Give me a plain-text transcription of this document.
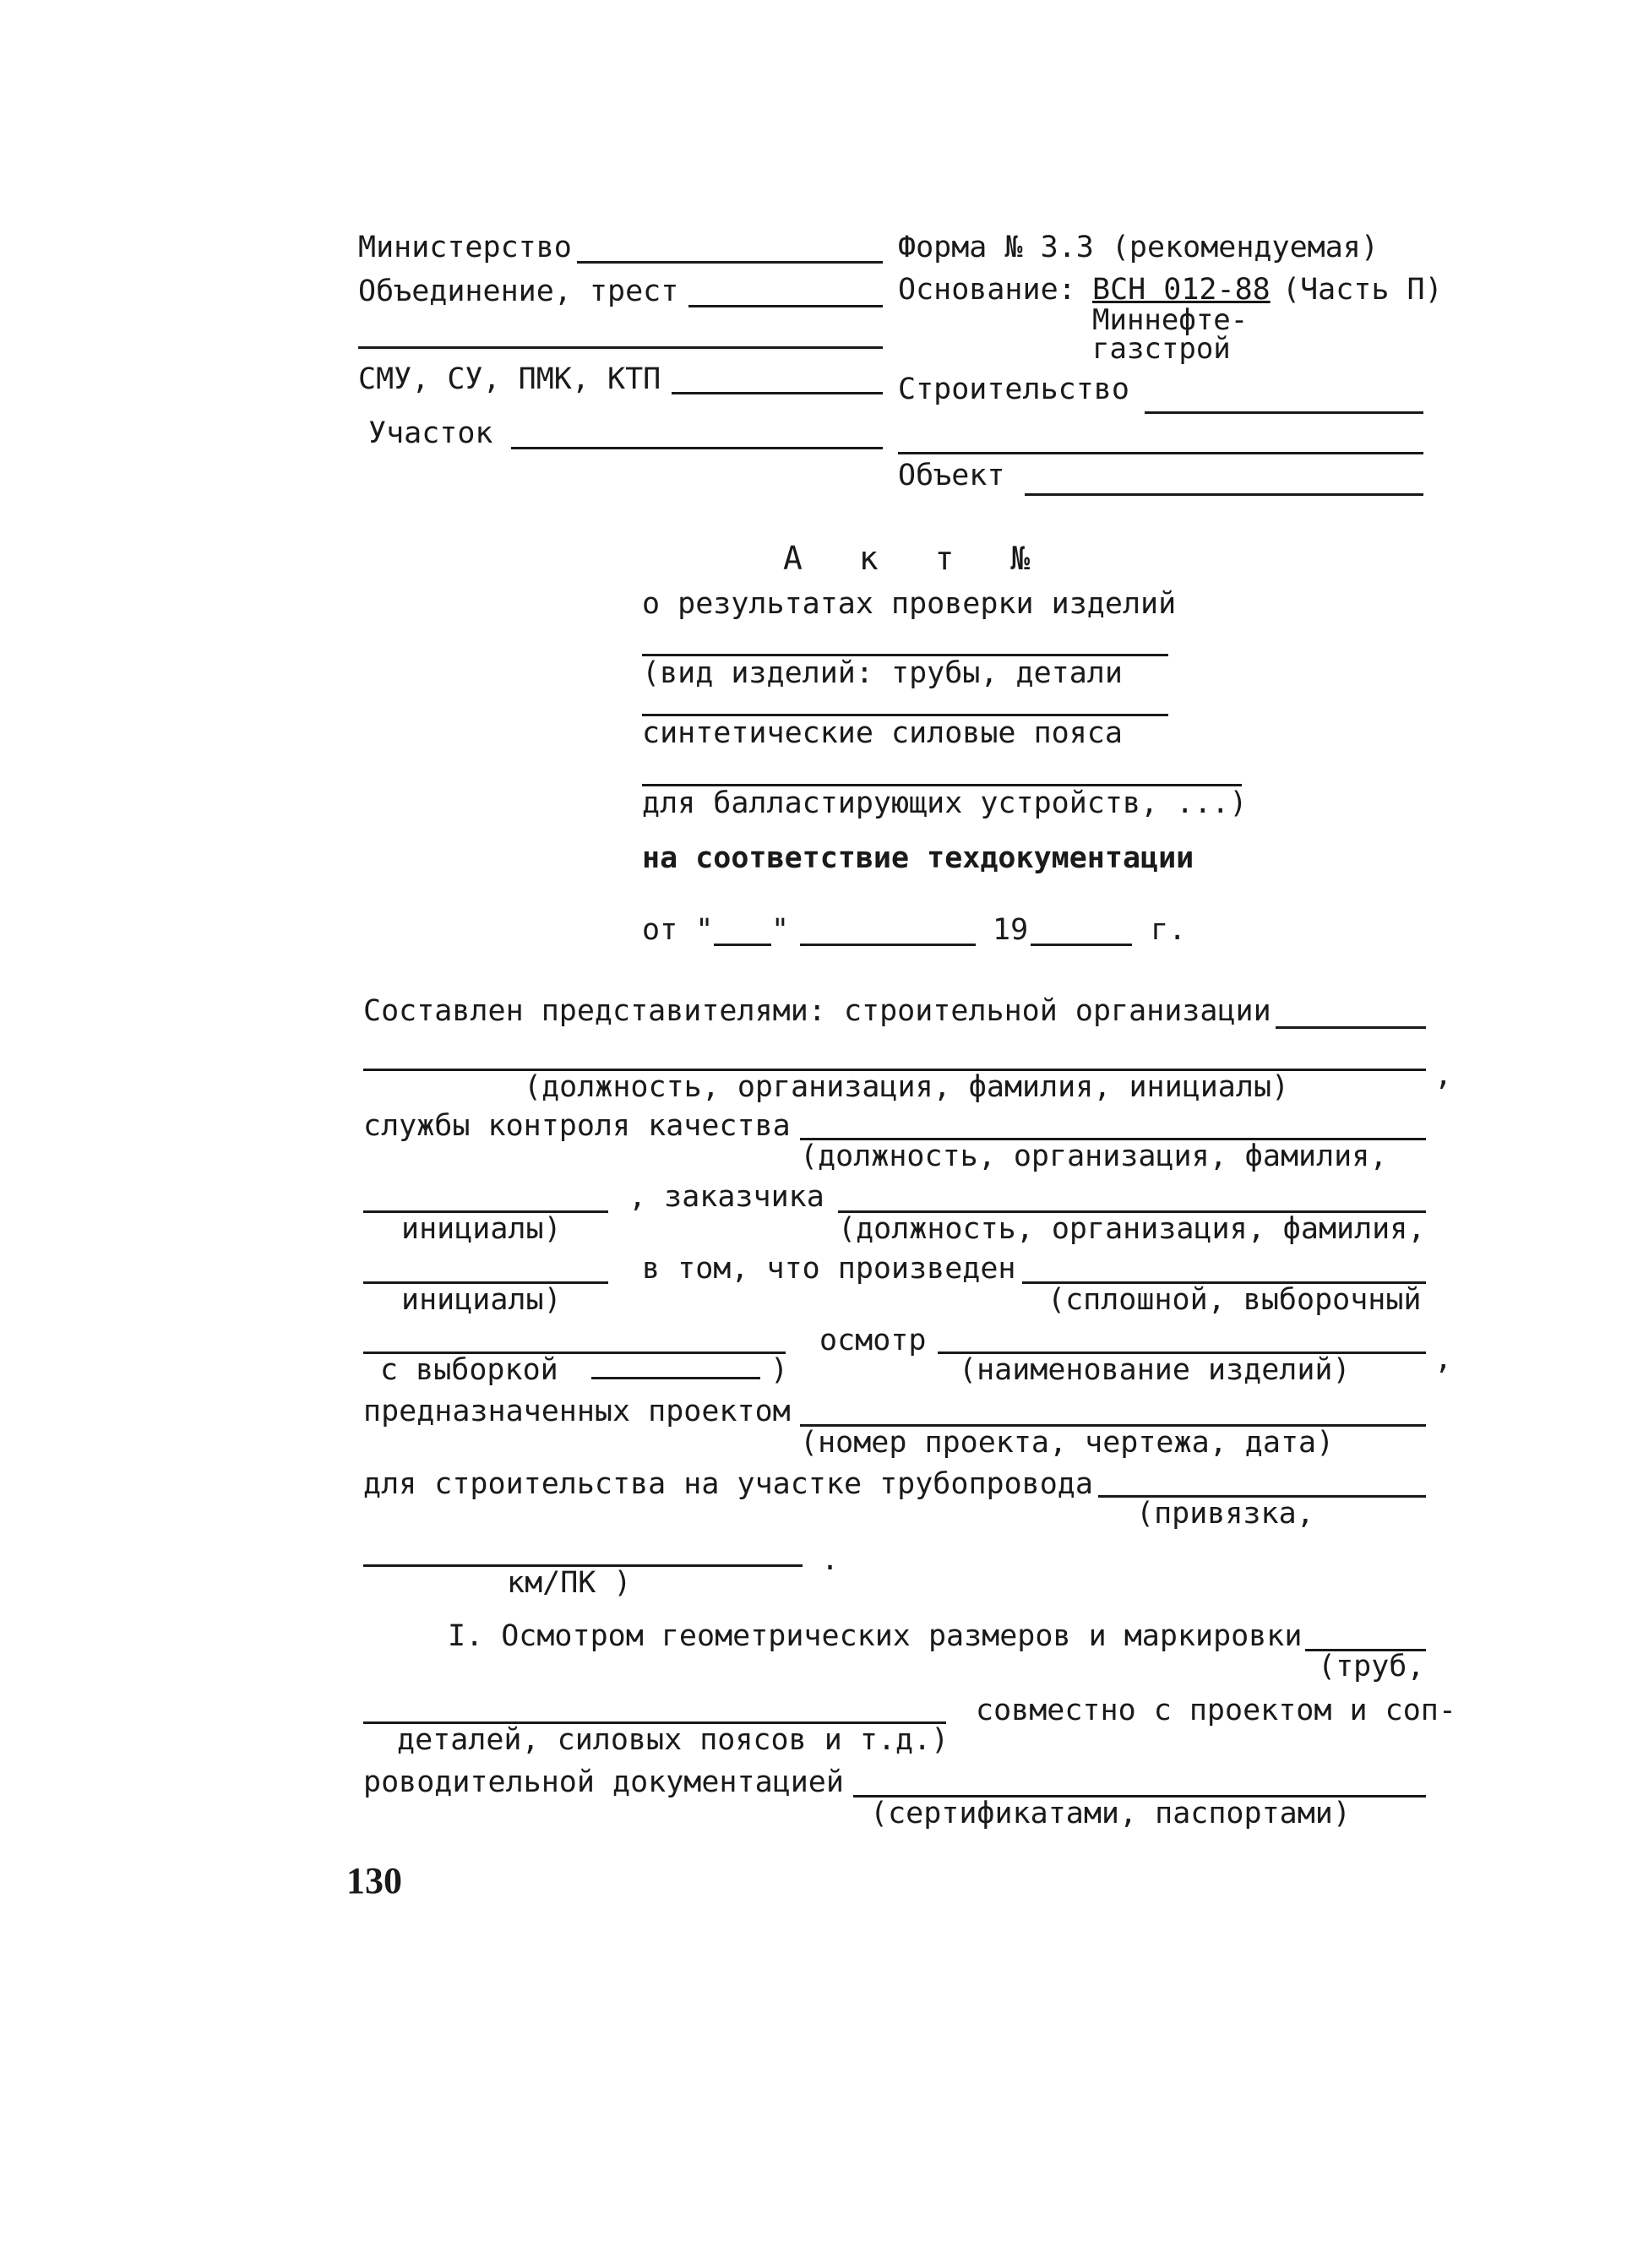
Министерство
Объединение, трест
СМУ, СУ, ПМК, КТП
Участок
Форма № 3.3 (рекомендуемая)
Основание: ВСН 012-88 (Часть П)
Миннефте-
газстрой
Строительство
Объект
А к т №
о результатах проверки изделий
(вид изделий: трубы, детали
синтетические силовые пояса
для балластирующих устройств, ...)
на соответствие техдокументации
от " "	19	г.
Составлен представителями: строительной организации
(должность, организация, фамилия, инициалы)	,
службы контроля качества
(должность, организация, фамилия,
инициалы)
, заказчика
(должность, организация, фамилия,
инициалы)
в том, что произведен
(сплошной, выборочный
осмотр
с выборкой	)	(наименование изделий)	,
предназначенных проектом
(номер проекта, чертежа, дата)
для строительства на участке трубопровода
(привязка,
км/ПК )
.
I. Осмотром геометрических размеров и маркировки
(труб,
деталей, силовых поясов и т.д.)
совместно с проектом и соп-
роводительной документацией
(сертификатами, паспортами)
130
